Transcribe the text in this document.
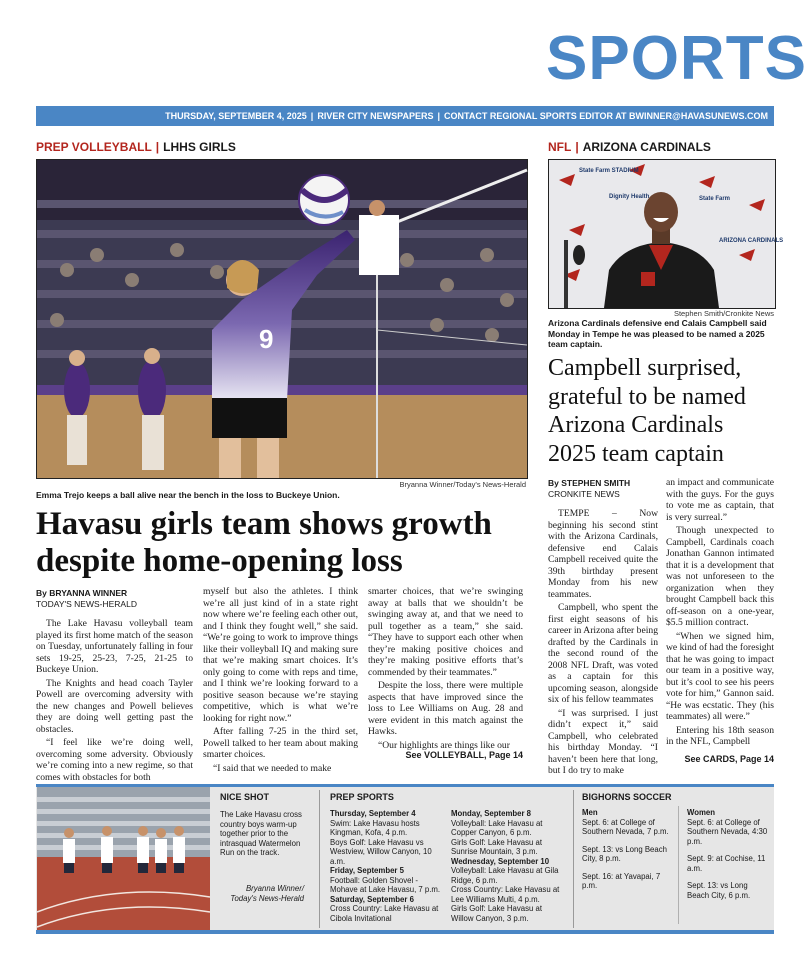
SPORTS
THURSDAY, SEPTEMBER 4, 2025 | RIVER CITY NEWSPAPERS | CONTACT REGIONAL SPORTS EDITOR AT BWINNER@HAVASUNEWS.COM
PREP VOLLEYBALL | LHHS GIRLS
9
Bryanna Winner/Today's News-Herald
Emma Trejo keeps a ball alive near the bench in the loss to Buckeye Union.
Havasu girls team shows growth
despite home-opening loss
By BRYANNA WINNER
TODAY'S NEWS-HERALD

The Lake Havasu volleyball team played its first home match of the season on Tuesday, unfortunately falling in four sets 19-25, 25-23, 7-25, 21-25 to Buckeye Union.

The Knights and head coach Tayler Powell are overcoming adversity with the new changes and Powell believes they are doing well getting past the obstacles.

“I feel like we’re doing well, overcoming some adversity. Obviously we’re coming into a new regime, so that comes with obstacles for both

myself but also the athletes. I think we’re all just kind of in a state right now where we’re feeling each other out, and I think they fought well,” she said. “We’re going to work to improve things like their volleyball IQ and making sure that we’re making smart choices. It’s only going to come with reps and time, and I think we’re looking forward to a positive season because we’re staying competitive, which is what we’re looking for right now.”

After falling 7-25 in the third set, Powell talked to her team about making smarter choices.

“I said that we needed to make

smarter choices, that we’re swinging away at balls that we shouldn’t be swinging away at, and that we need to pull together as a team,” she said. “They have to support each other when they’re making positive choices and they’re making positive efforts that’s commended by their teammates.”

Despite the loss, there were multiple aspects that have improved since the loss to Lee Williams on Aug. 28 and were evident in this match against the Hawks.

“Our highlights are things like our

See VOLLEYBALL, Page 14
NFL | ARIZONA CARDINALS
State Farm STADIUM
Dignity Health	State Farm
ARIZONA CARDINALS
Stephen Smith/Cronkite News
Arizona Cardinals defensive end Calais Campbell said Monday in Tempe he was pleased to be named a 2025 team captain.
Campbell surprised,
grateful to be named
Arizona Cardinals
2025 team captain
By STEPHEN SMITH
CRONKITE NEWS

TEMPE – Now beginning his second stint with the Arizona Cardinals, defensive end Calais Campbell received quite the 39th birthday present Monday from his new teammates.

Campbell, who spent the first eight seasons of his career in Arizona after being drafted by the Cardinals in the second round of the 2008 NFL Draft, was voted as a captain for this upcoming season, alongside six of his fellow teammates

“I was surprised. I just didn’t expect it,” said Campbell, who celebrated his birthday Monday. “I haven’t been here that long, but I do try to make

an impact and communicate with the guys. For the guys to vote me as captain, that is very surreal.”

Though unexpected to Campbell, Cardinals coach Jonathan Gannon intimated that it is a development that was not unforeseen to the organization when they brought Campbell back this off-season on a one-year, $5.5 million contract.

“When we signed him, we kind of had the foresight that he was going to impact our team in a positive way, but it’s cool to see his peers vote for him,” Gannon said. “He was ecstatic. They (his teammates) all were.”

Entering his 18th season in the NFL, Campbell

See CARDS, Page 14
NICE SHOT
The Lake Havasu cross country boys warm-up together prior to the intrasquad Watermelon Run on the track.
Bryanna Winner/
Today's News-Herald
PREP SPORTS
Thursday, September 4
Swim: Lake Havasu hosts Kingman, Kofa, 4 p.m.
Boys Golf: Lake Havasu vs Westview, Willow Canyon, 10 a.m.
Friday, September 5
Football: Golden Shovel - Mohave at Lake Havasu, 7 p.m.
Saturday, September 6
Cross Country: Lake Havasu at Cibola Invitational
Monday, September 8
Volleyball: Lake Havasu at Copper Canyon, 6 p.m.
Girls Golf: Lake Havasu at Sunrise Mountain, 3 p.m.
Wednesday, September 10
Volleyball: Lake Havasu at Gila Ridge, 6 p.m.
Cross Country: Lake Havasu at Lee Williams Multi, 4 p.m.
Girls Golf: Lake Havasu at Willow Canyon, 3 p.m.
BIGHORNS SOCCER
Men
Sept. 6: at College of Southern Nevada, 7 p.m.
Sept. 13: vs Long Beach City, 8 p.m.
Sept. 16: at Yavapai, 7 p.m.
Women
Sept. 6: at College of Southern Nevada, 4:30 p.m.
Sept. 9: at Cochise, 11 a.m.
Sept. 13: vs Long Beach City, 6 p.m.
